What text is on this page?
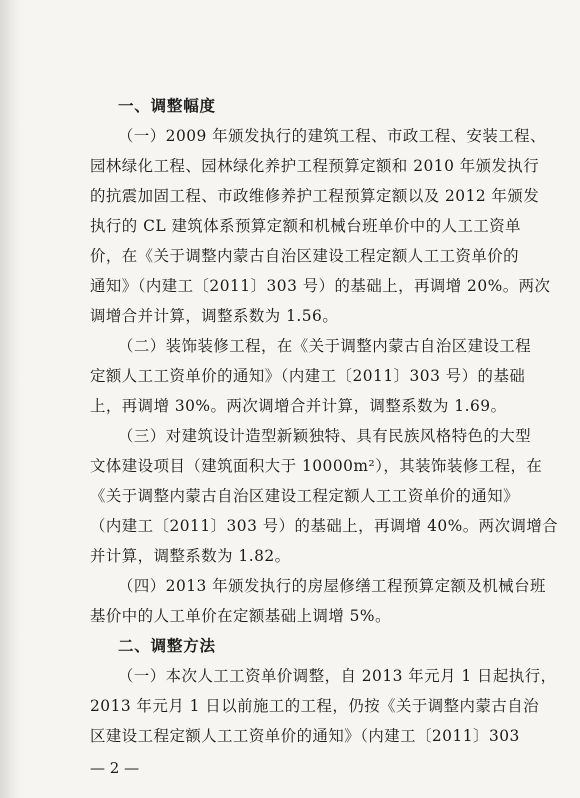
一、调整幅度
（一）2009 年颁发执行的建筑工程、市政工程、安装工程、
园林绿化工程、园林绿化养护工程预算定额和 2010 年颁发执行
的抗震加固工程、市政维修养护工程预算定额以及 2012 年颁发
执行的 CL 建筑体系预算定额和机械台班单价中的人工工资单
价，在《关于调整内蒙古自治区建设工程定额人工工资单价的
通知》（内建工〔2011〕303 号）的基础上，再调增 20%。两次
调增合并计算，调整系数为 1.56。
（二）装饰装修工程，在《关于调整内蒙古自治区建设工程
定额人工工资单价的通知》（内建工〔2011〕303 号）的基础
上，再调增 30%。两次调增合并计算，调整系数为 1.69。
（三）对建筑设计造型新颖独特、具有民族风格特色的大型
文体建设项目（建筑面积大于 10000m²），其装饰装修工程，在
《关于调整内蒙古自治区建设工程定额人工工资单价的通知》
（内建工〔2011〕303 号）的基础上，再调增 40%。两次调增合
并计算，调整系数为 1.82。
（四）2013 年颁发执行的房屋修缮工程预算定额及机械台班
基价中的人工单价在定额基础上调增 5%。
二、调整方法
（一）本次人工工资单价调整，自 2013 年元月 1 日起执行，
2013 年元月 1 日以前施工的工程，仍按《关于调整内蒙古自治
区建设工程定额人工工资单价的通知》（内建工〔2011〕303
— 2 —
